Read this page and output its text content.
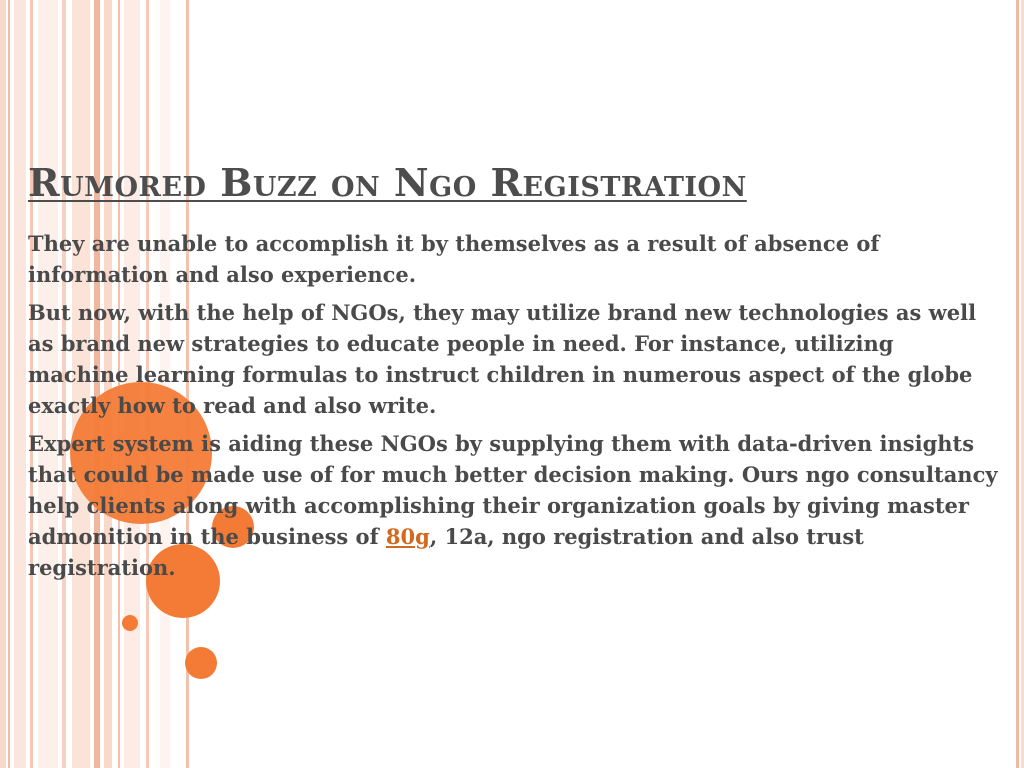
Rumored Buzz on Ngo Registration

They are unable to accomplish it by themselves as a result of absence of information and also experience.

But now, with the help of NGOs, they may utilize brand new technologies as well as brand new strategies to educate people in need. For instance, utilizing machine learning formulas to instruct children in numerous aspect of the globe exactly how to read and also write.

Expert system is aiding these NGOs by supplying them with data-driven insights that could be made use of for much better decision making. Ours ngo consultancy help clients along with accomplishing their organization goals by giving master admonition in the business of 80g, 12a, ngo registration and also trust registration.
